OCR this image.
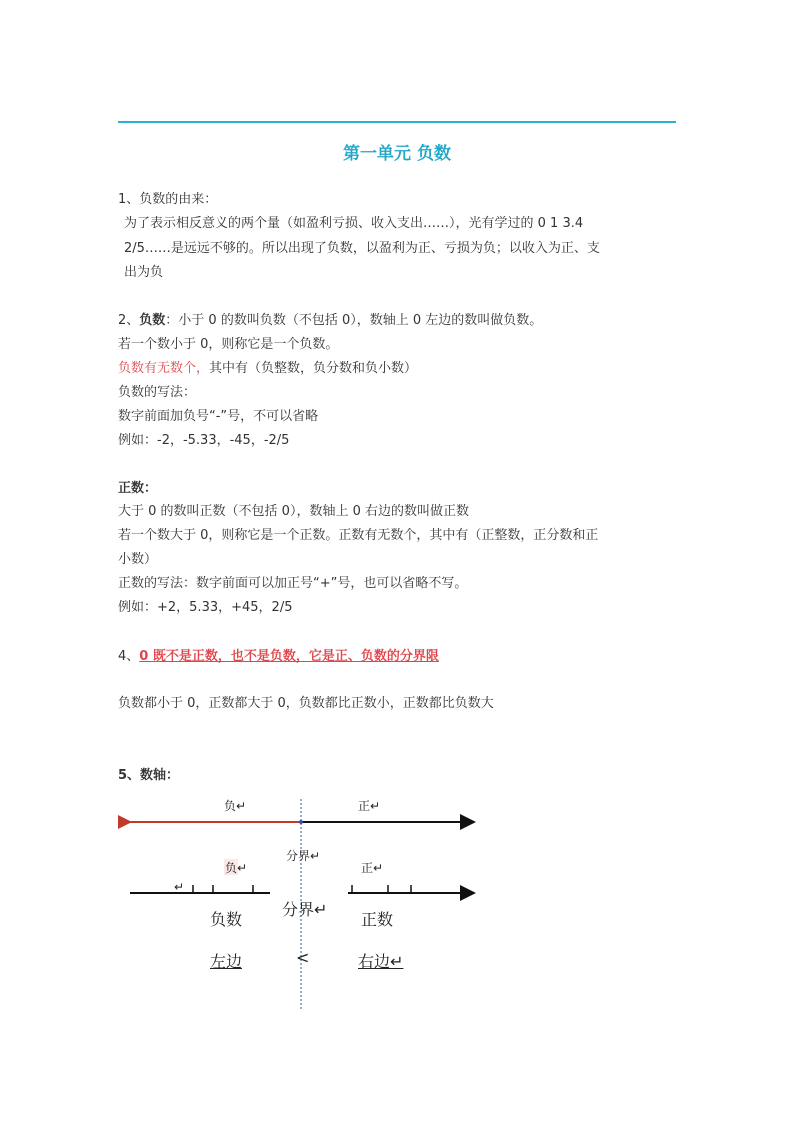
第一单元 负数
1、负数的由来：
为了表示相反意义的两个量（如盈利亏损、收入支出……），光有学过的 0 1 3.4
2/5……是远远不够的。所以出现了负数，以盈利为正、亏损为负；以收入为正、支
出为负
2、负数：小于 0 的数叫负数（不包括 0），数轴上 0 左边的数叫做负数。
若一个数小于 0，则称它是一个负数。
负数有无数个，其中有（负整数，负分数和负小数）
负数的写法：
数字前面加负号“-”号，不可以省略
例如：-2，-5.33，-45，-2/5
正数：
大于 0 的数叫正数（不包括 0），数轴上 0 右边的数叫做正数
若一个数大于 0，则称它是一个正数。正数有无数个，其中有（正整数，正分数和正
小数）
正数的写法：数字前面可以加正号“+”号，也可以省略不写。
例如：+2，5.33，+45，2/5
4、0 既不是正数，也不是负数，它是正、负数的分界限
负数都小于 0，正数都大于 0，负数都比正数小，正数都比负数大
5、数轴：
负↵	正↵
分界↵
负↵	正↵
↵
负数
分界↵
正数
左边	<	右边↵
